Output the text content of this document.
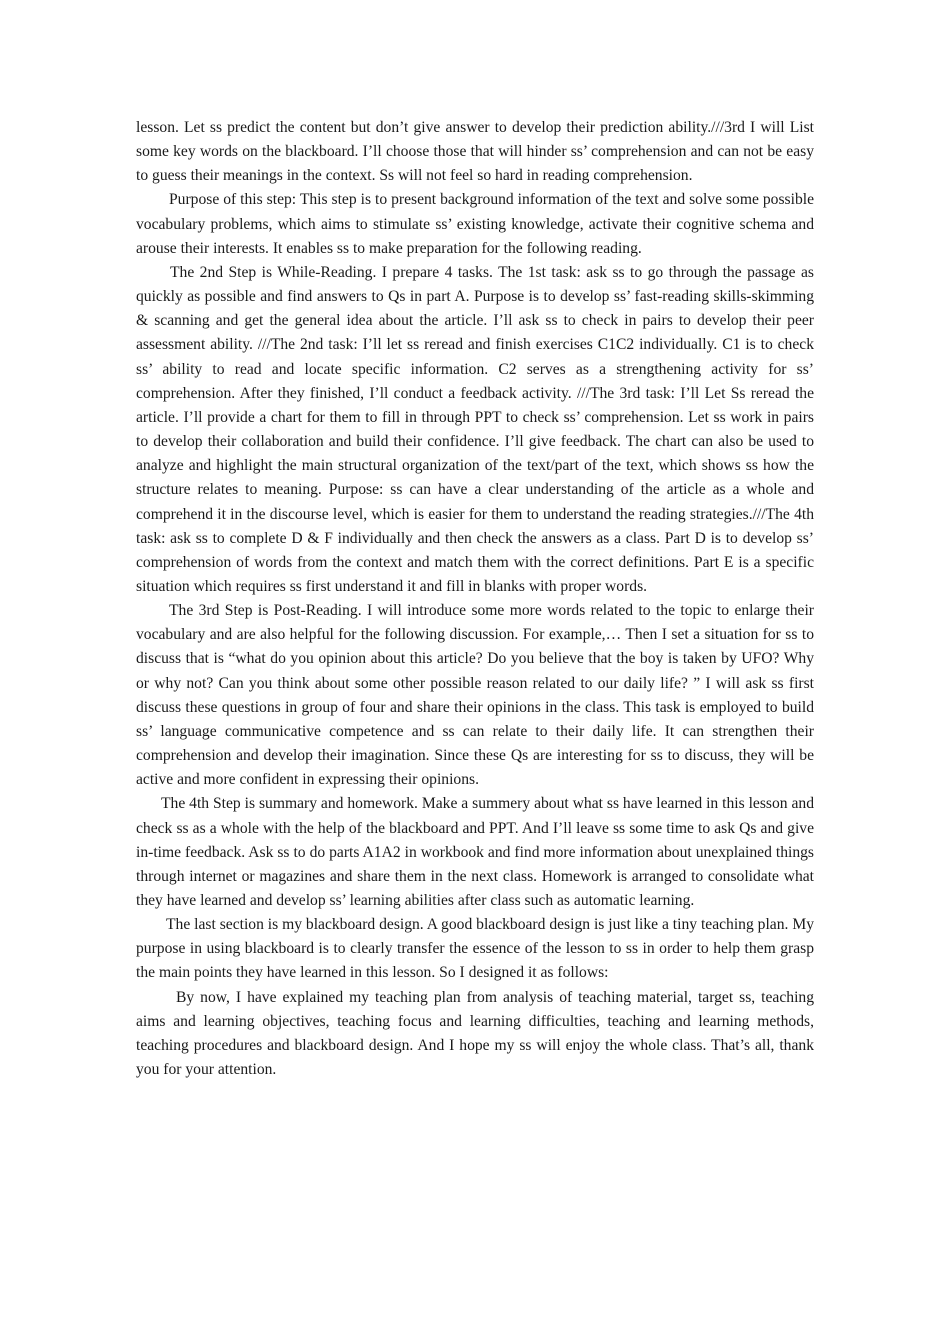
lesson. Let ss predict the content but don’t give answer to develop their prediction ability.///3rd I will List some key words on the blackboard. I’ll choose those that will hinder ss’ comprehension and can not be easy to guess their meanings in the context. Ss will not feel so hard in reading comprehension.

Purpose of this step: This step is to present background information of the text and solve some possible vocabulary problems, which aims to stimulate ss’ existing knowledge, activate their cognitive schema and arouse their interests. It enables ss to make preparation for the following reading.

The 2nd Step is While-Reading. I prepare 4 tasks. The 1st task: ask ss to go through the passage as quickly as possible and find answers to Qs in part A. Purpose is to develop ss’ fast-reading skills-skimming & scanning and get the general idea about the article. I’ll ask ss to check in pairs to develop their peer assessment ability. ///The 2nd task: I’ll let ss reread and finish exercises C1C2 individually. C1 is to check ss’ ability to read and locate specific information. C2 serves as a strengthening activity for ss’ comprehension. After they finished, I’ll conduct a feedback activity. ///The 3rd task: I’ll Let Ss reread the article. I’ll provide a chart for them to fill in through PPT to check ss’ comprehension. Let ss work in pairs to develop their collaboration and build their confidence. I’ll give feedback. The chart can also be used to analyze and highlight the main structural organization of the text/part of the text, which shows ss how the structure relates to meaning. Purpose: ss can have a clear understanding of the article as a whole and comprehend it in the discourse level, which is easier for them to understand the reading strategies.///The 4th task: ask ss to complete D & F individually and then check the answers as a class. Part D is to develop ss’ comprehension of words from the context and match them with the correct definitions. Part E is a specific situation which requires ss first understand it and fill in blanks with proper words.

The 3rd Step is Post-Reading. I will introduce some more words related to the topic to enlarge their vocabulary and are also helpful for the following discussion. For example,… Then I set a situation for ss to discuss that is “what do you opinion about this article? Do you believe that the boy is taken by UFO? Why or why not? Can you think about some other possible reason related to our daily life? ” I will ask ss first discuss these questions in group of four and share their opinions in the class. This task is employed to build ss’ language communicative competence and ss can relate to their daily life. It can strengthen their comprehension and develop their imagination. Since these Qs are interesting for ss to discuss, they will be active and more confident in expressing their opinions.

The 4th Step is summary and homework. Make a summery about what ss have learned in this lesson and check ss as a whole with the help of the blackboard and PPT. And I’ll leave ss some time to ask Qs and give in-time feedback. Ask ss to do parts A1A2 in workbook and find more information about unexplained things through internet or magazines and share them in the next class. Homework is arranged to consolidate what they have learned and develop ss’ learning abilities after class such as automatic learning.

The last section is my blackboard design. A good blackboard design is just like a tiny teaching plan. My purpose in using blackboard is to clearly transfer the essence of the lesson to ss in order to help them grasp the main points they have learned in this lesson. So I designed it as follows:

By now, I have explained my teaching plan from analysis of teaching material, target ss, teaching aims and learning objectives, teaching focus and learning difficulties, teaching and learning methods, teaching procedures and blackboard design. And I hope my ss will enjoy the whole class. That’s all, thank you for your attention.
